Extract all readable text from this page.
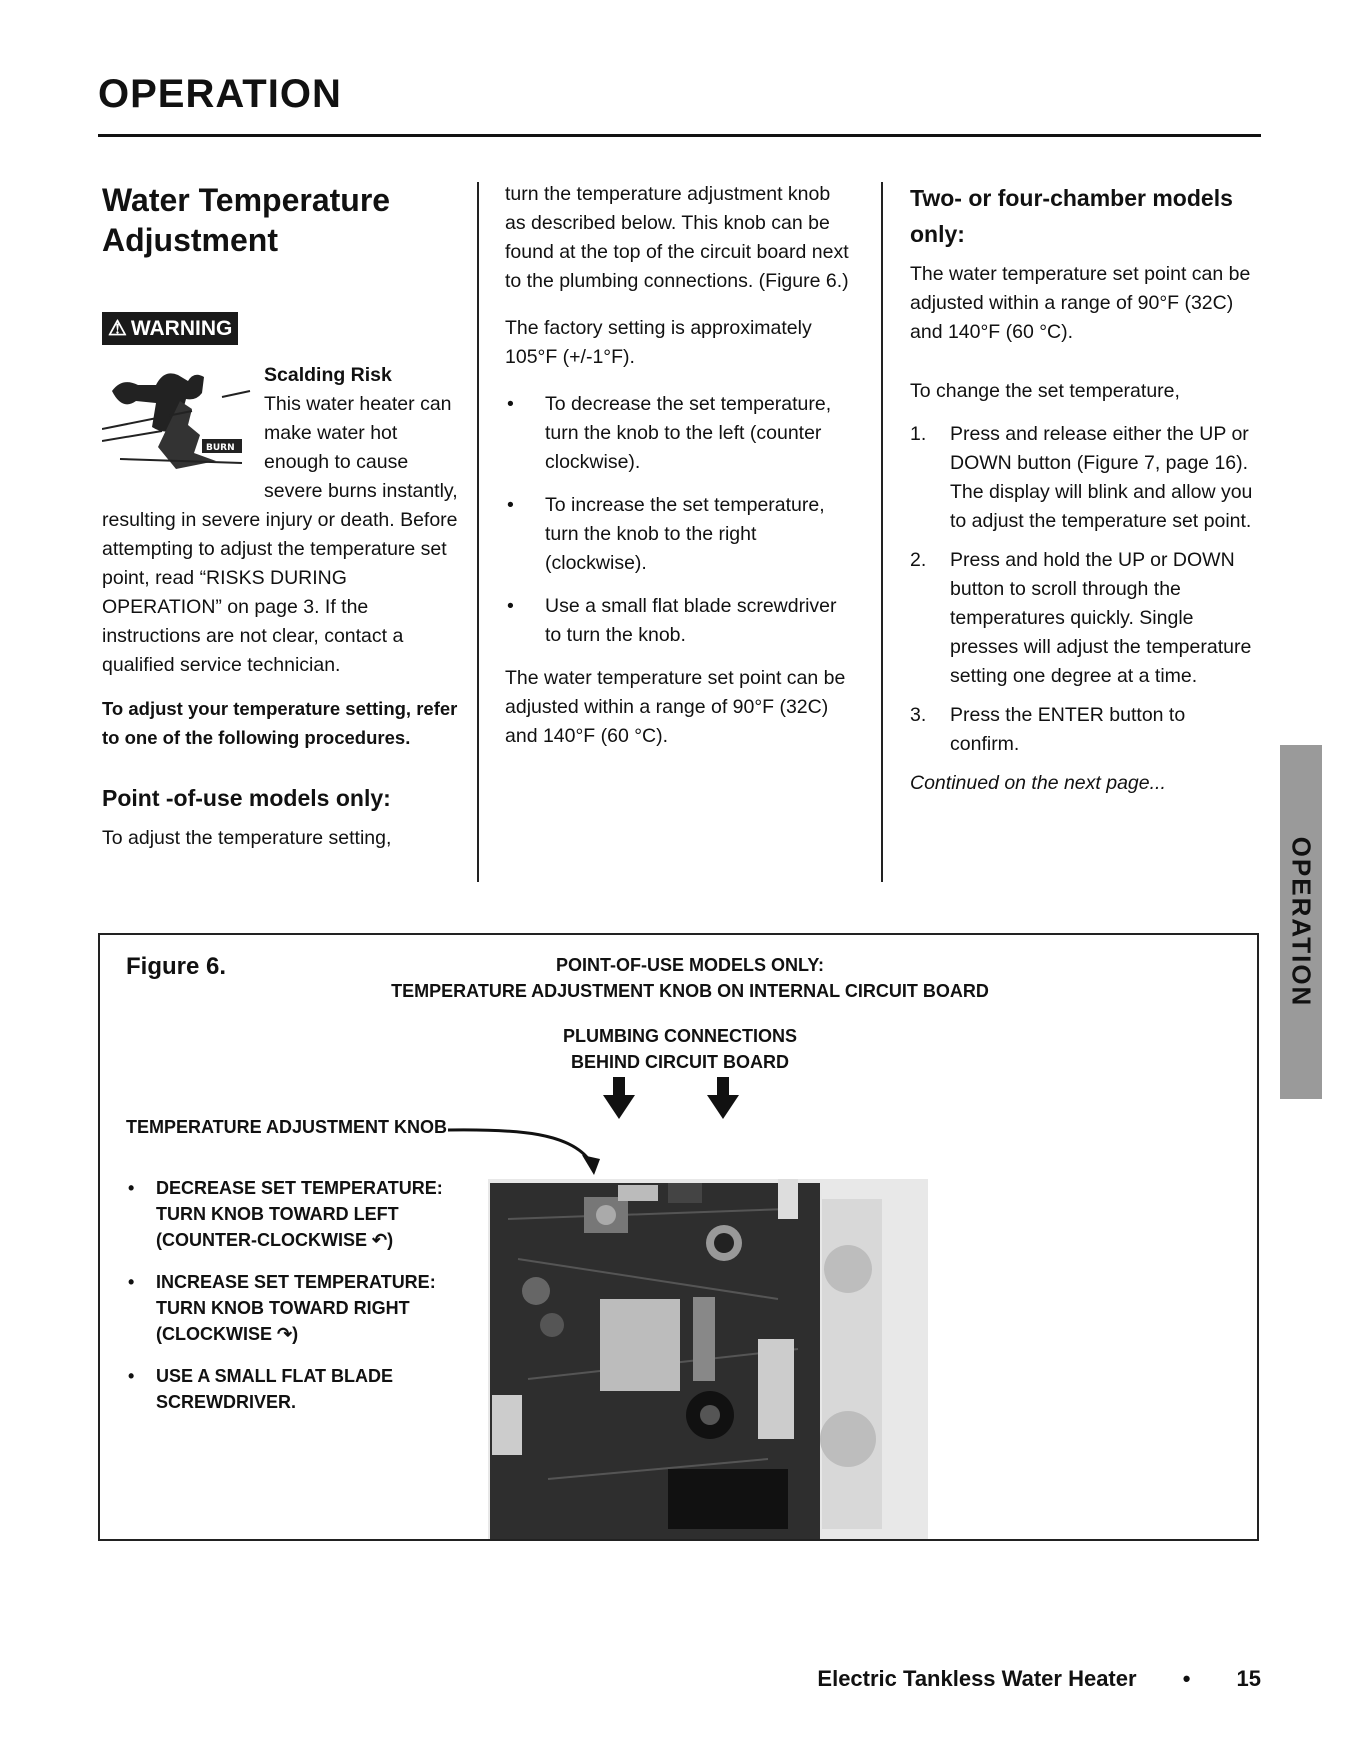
OPERATION
Water Temperature Adjustment
⚠ WARNING
BURN
Scalding Risk

This water heater can make water hot enough to cause severe burns instantly, resulting in severe injury or death. Before attempting to adjust the temperature set point, read “RISKS DURING OPERATION” on page 3. If the instructions are not clear, contact a qualified service technician.

To adjust your temperature setting, refer to one of the following procedures.

Point -of-use models only:

To adjust the temperature setting,

turn the temperature adjustment knob as described below. This knob can be found at the top of the circuit board next to the plumbing connections. (Figure 6.)

The factory setting is approximately 105°F (+/-1°F).

• To decrease the set temperature, turn the knob to the left (counter clockwise).
• To increase the set temperature, turn the knob to the right (clockwise).
• Use a small flat blade screwdriver to turn the knob.

The water temperature set point can be adjusted within a range of 90°F (32C) and 140°F (60 °C).

Two- or four-chamber models only:

The water temperature set point can be adjusted within a range of 90°F (32C) and 140°F (60 °C).

To change the set temperature,

1. Press and release either the UP or DOWN button (Figure 7, page 16). The display will blink and allow you to adjust the temperature set point.
2. Press and hold the UP or DOWN button to scroll through the temperatures quickly. Single presses will adjust the temperature setting one degree at a time.
3. Press the ENTER button to confirm.

Continued on the next page...

Figure 6.	POINT-OF-USE MODELS ONLY:
TEMPERATURE ADJUSTMENT KNOB ON INTERNAL CIRCUIT BOARD
PLUMBING CONNECTIONS
BEHIND CIRCUIT BOARD
TEMPERATURE ADJUSTMENT KNOB
• DECREASE SET TEMPERATURE:
TURN KNOB TOWARD LEFT
(COUNTER-CLOCKWISE ↶)
• INCREASE SET TEMPERATURE:
TURN KNOB TOWARD RIGHT
(CLOCKWISE ↷)
• USE A SMALL FLAT BLADE
SCREWDRIVER.
OPERATION
Electric Tankless Water Heater • 15
